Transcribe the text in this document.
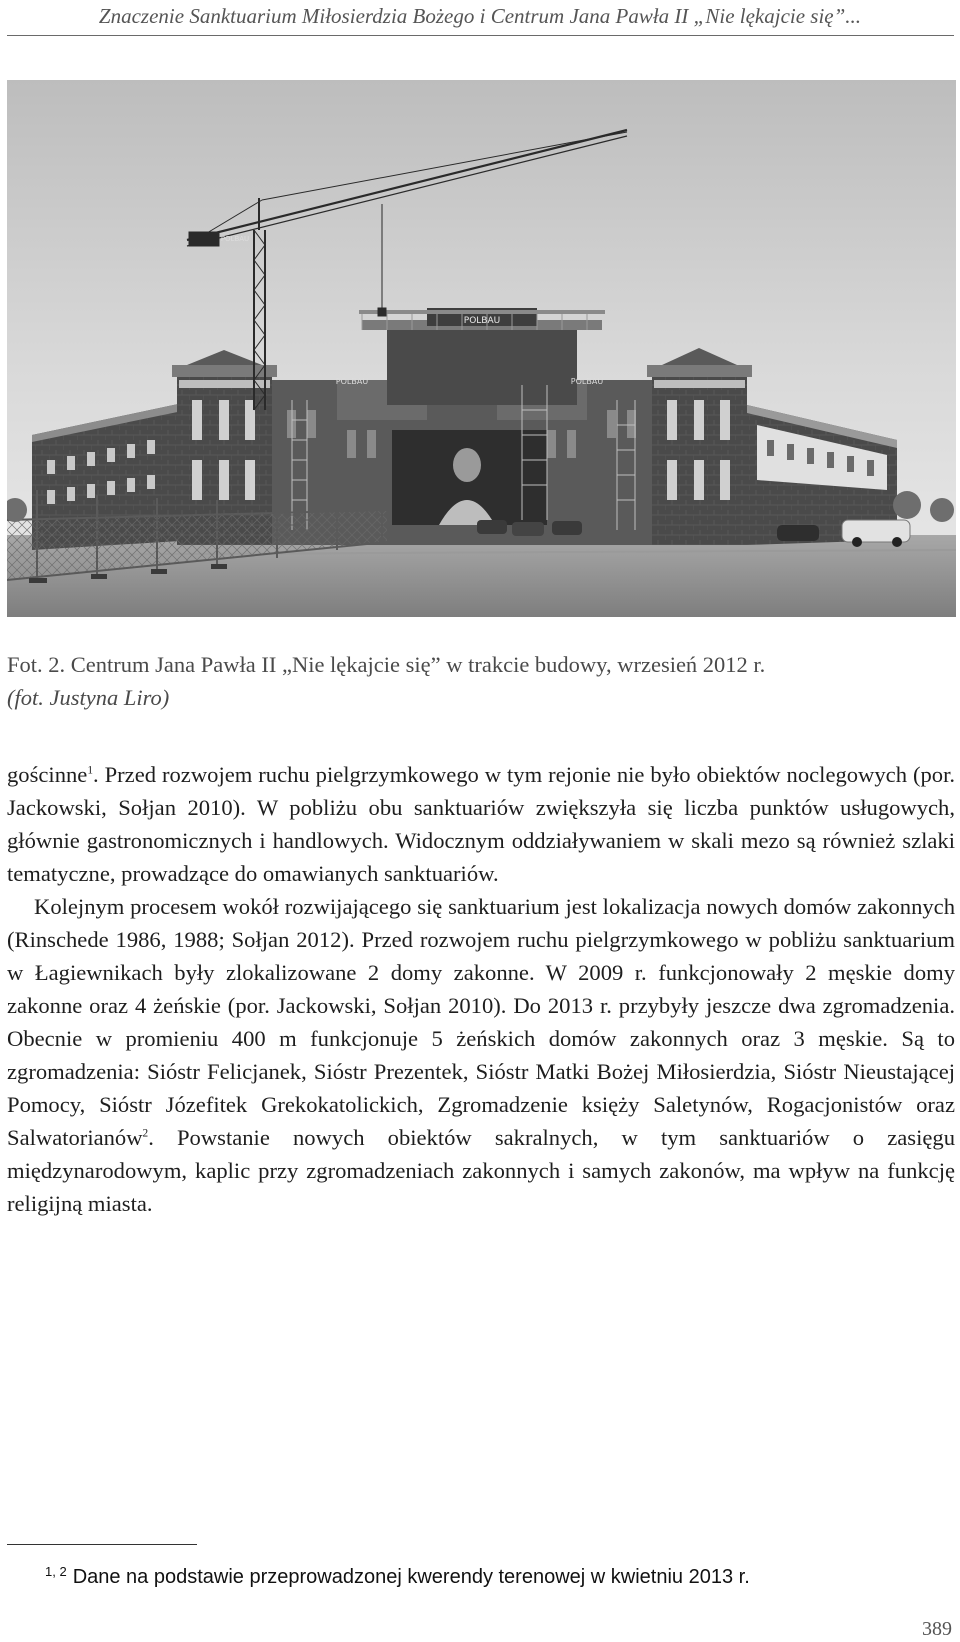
Znaczenie Sanktuarium Miłosierdzia Bożego i Centrum Jana Pawła II „Nie lękajcie się”...
POLBAU
POLBAU	POLBAU
POLBAU
Fot. 2. Centrum Jana Pawła II „Nie lękajcie się” w trakcie budowy, wrzesień 2012 r.
(fot. Justyna Liro)

gościnne$^1$. Przed rozwojem ruchu pielgrzymkowego w tym rejonie nie było obiektów noclegowych (por. Jackowski, Sołjan 2010). W pobliżu obu sanktuariów zwiększyła się liczba punktów usługowych, głównie gastronomicznych i handlowych. Widocznym oddziaływaniem w skali mezo są również szlaki tematyczne, prowadzące do omawianych sanktuariów.

Kolejnym procesem wokół rozwijającego się sanktuarium jest lokalizacja nowych domów zakonnych (Rinschede 1986, 1988; Sołjan 2012). Przed rozwojem ruchu pielgrzymkowego w pobliżu sanktuarium w Łagiewnikach były zlokalizowane 2 domy zakonne. W 2009 r. funkcjonowały 2 męskie domy zakonne oraz 4 żeńskie (por. Jackowski, Sołjan 2010). Do 2013 r. przybyły jeszcze dwa zgromadzenia. Obecnie w promieniu 400 m funkcjonuje 5 żeńskich domów zakonnych oraz 3 męskie. Są to zgromadzenia: Sióstr Felicjanek, Sióstr Prezentek, Sióstr Matki Bożej Miłosierdzia, Sióstr Nieustającej Pomocy, Sióstr Józefitek Grekokatolickich, Zgromadzenie księży Saletynów, Rogacjonistów oraz Salwatorianów$^2$. Powstanie nowych obiektów sakralnych, w tym sanktuariów o zasięgu międzynarodowym, kaplic przy zgromadzeniach zakonnych i samych zakonów, ma wpływ na funkcję religijną miasta.

$^{1, 2}$ Dane na podstawie przeprowadzonej kwerendy terenowej w kwietniu 2013 r.
389
